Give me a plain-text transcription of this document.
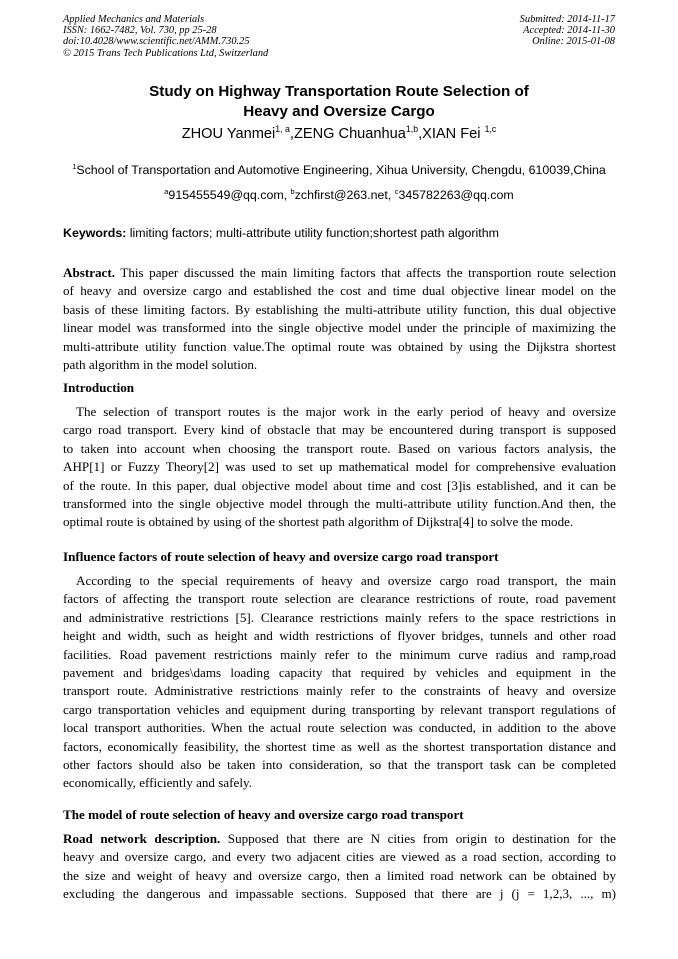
Applied Mechanics and Materials
ISSN: 1662-7482, Vol. 730, pp 25-28
doi:10.4028/www.scientific.net/AMM.730.25
© 2015 Trans Tech Publications Ltd, Switzerland
Submitted: 2014-11-17
Accepted: 2014-11-30
Online: 2015-01-08
Study on Highway Transportation Route Selection of
Heavy and Oversize Cargo
ZHOU Yanmei$^{1, a}$,ZENG Chuanhua$^{1,b}$,XIAN Fei $^{1,c}$
$^1$School of Transportation and Automotive Engineering, Xihua University, Chengdu, 610039,China
$^a$915455549@qq.com, $^b$zchfirst@263.net, $^c$345782263@qq.com
Keywords: limiting factors; multi-attribute utility function;shortest path algorithm
Abstract. This paper discussed the main limiting factors that affects the transportion route selection
of heavy and oversize cargo and established the cost and time dual objective linear model on the
basis of these limiting factors. By establishing the multi-attribute utility function, this dual objective
linear model was transformed into the single objective model under the principle of maximizing the
multi-attribute utility function value.The optimal route was obtained by using the Dijkstra shortest
path algorithm in the model solution.
Introduction
The selection of transport routes is the major work in the early period of heavy and oversize
cargo road transport. Every kind of obstacle that may be encountered during transport is supposed
to taken into account when choosing the transport route. Based on various factors analysis, the
AHP[1] or Fuzzy Theory[2] was used to set up mathematical model for comprehensive evaluation
of the route. In this paper, dual objective model about time and cost [3]is established, and it can be
transformed into the single objective model through the multi-attribute utility function.And then, the
optimal route is obtained by using of the shortest path algorithm of Dijkstra[4] to solve the mode.
Influence factors of route selection of heavy and oversize cargo road transport
According to the special requirements of heavy and oversize cargo road transport, the main
factors of affecting the transport route selection are clearance restrictions of route, road pavement
and administrative restrictions [5]. Clearance restrictions mainly refers to the space restrictions in
height and width, such as height and width restrictions of flyover bridges, tunnels and other road
facilities. Road pavement restrictions mainly refer to the minimum curve radius and ramp,road
pavement and bridges\dams loading capacity that required by vehicles and equipment in the
transport route. Administrative restrictions mainly refer to the constraints of heavy and oversize
cargo transportation vehicles and equipment during transporting by relevant transport regulations of
local transport authorities. When the actual route selection was conducted, in addition to the above
factors, economically feasibility, the shortest time as well as the shortest transportation distance and
other factors should also be taken into consideration, so that the transport task can be completed
economically, efficiently and safely.
The model of route selection of heavy and oversize cargo road transport
Road network description. Supposed that there are N cities from origin to destination for the
heavy and oversize cargo, and every two adjacent cities are viewed as a road section, according to
the size and weight of heavy and oversize cargo, then a limited road network can be obtained by
excluding the dangerous and impassable sections. Supposed that there are j (j = 1,2,3, ..., m)
